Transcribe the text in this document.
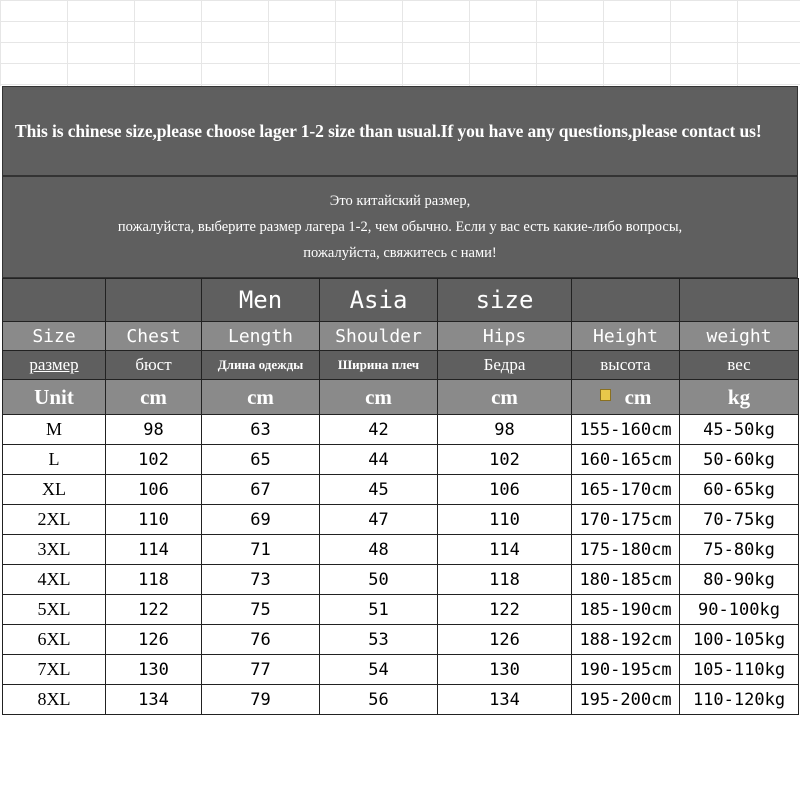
This is chinese size,please choose lager 1-2 size than usual.If you have any questions,please contact us!
Это китайский размер,
пожалуйста, выберите размер лагера 1-2, чем обычно. Если у вас есть какие-либо вопросы,
пожалуйста, свяжитесь с нами!
		Men	Asia	size		
Size	Chest	Length	Shoulder	Hips	Height	weight
размер	бюст	Длина одежды	Ширина плеч	Бедра	высота	вес
Unit	cm	cm	cm	cm	cm	kg
M	98	63	42	98	155-160cm	45-50kg
L	102	65	44	102	160-165cm	50-60kg
XL	106	67	45	106	165-170cm	60-65kg
2XL	110	69	47	110	170-175cm	70-75kg
3XL	114	71	48	114	175-180cm	75-80kg
4XL	118	73	50	118	180-185cm	80-90kg
5XL	122	75	51	122	185-190cm	90-100kg
6XL	126	76	53	126	188-192cm	100-105kg
7XL	130	77	54	130	190-195cm	105-110kg
8XL	134	79	56	134	195-200cm	110-120kg
